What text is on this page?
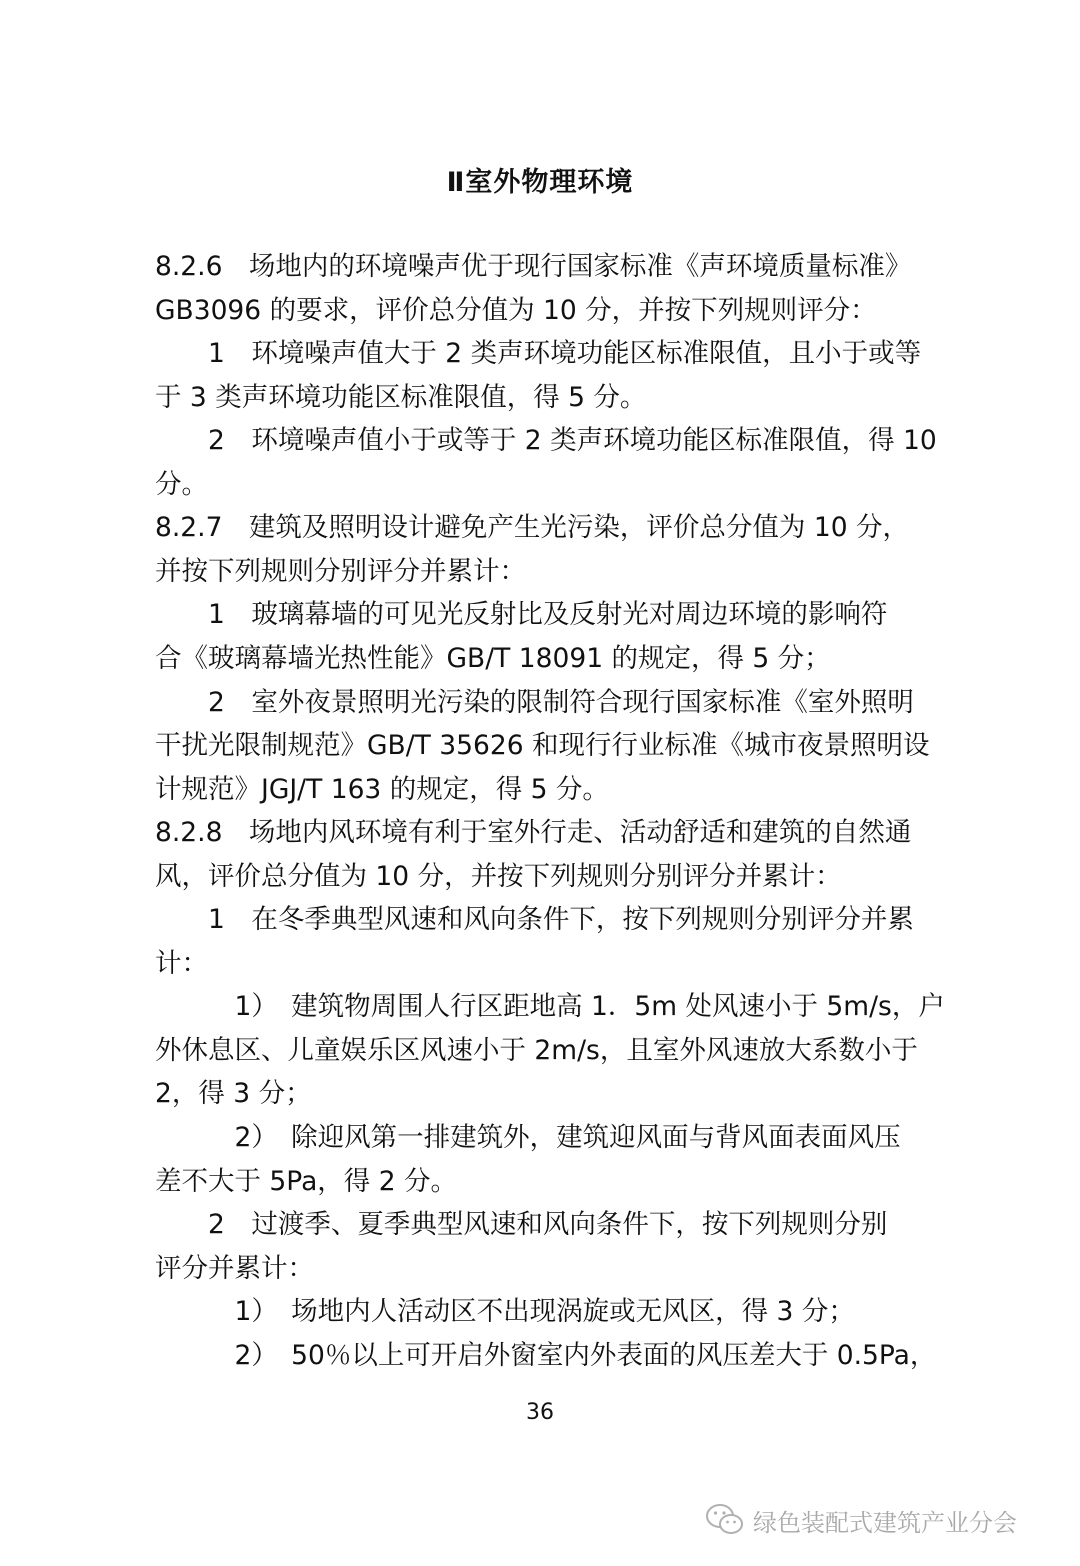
Ⅱ室外物理环境
8.2.6　场地内的环境噪声优于现行国家标准《声环境质量标准》
GB3096 的要求，评价总分值为 10 分，并按下列规则评分：
　　1　环境噪声值大于 2 类声环境功能区标准限值，且小于或等
于 3 类声环境功能区标准限值，得 5 分。
　　2　环境噪声值小于或等于 2 类声环境功能区标准限值，得 10
分。
8.2.7　建筑及照明设计避免产生光污染，评价总分值为 10 分，
并按下列规则分别评分并累计：
　　1　玻璃幕墙的可见光反射比及反射光对周边环境的影响符
合《玻璃幕墙光热性能》GB/T 18091 的规定，得 5 分；
　　2　室外夜景照明光污染的限制符合现行国家标准《室外照明
干扰光限制规范》GB/T 35626 和现行行业标准《城市夜景照明设
计规范》JGJ/T 163 的规定，得 5 分。
8.2.8　场地内风环境有利于室外行走、活动舒适和建筑的自然通
风，评价总分值为 10 分，并按下列规则分别评分并累计：
　　1　在冬季典型风速和风向条件下，按下列规则分别评分并累
计：
　　　1）　建筑物周围人行区距地高 1．5m 处风速小于 5m/s，户
外休息区、儿童娱乐区风速小于 2m/s，且室外风速放大系数小于
2，得 3 分；
　　　2）　除迎风第一排建筑外，建筑迎风面与背风面表面风压
差不大于 5Pa，得 2 分。
　　2　过渡季、夏季典型风速和风向条件下，按下列规则分别
评分并累计：
　　　1）　场地内人活动区不出现涡旋或无风区，得 3 分；
　　　2）　50％以上可开启外窗室内外表面的风压差大于 0.5Pa，
36
绿色装配式建筑产业分会
